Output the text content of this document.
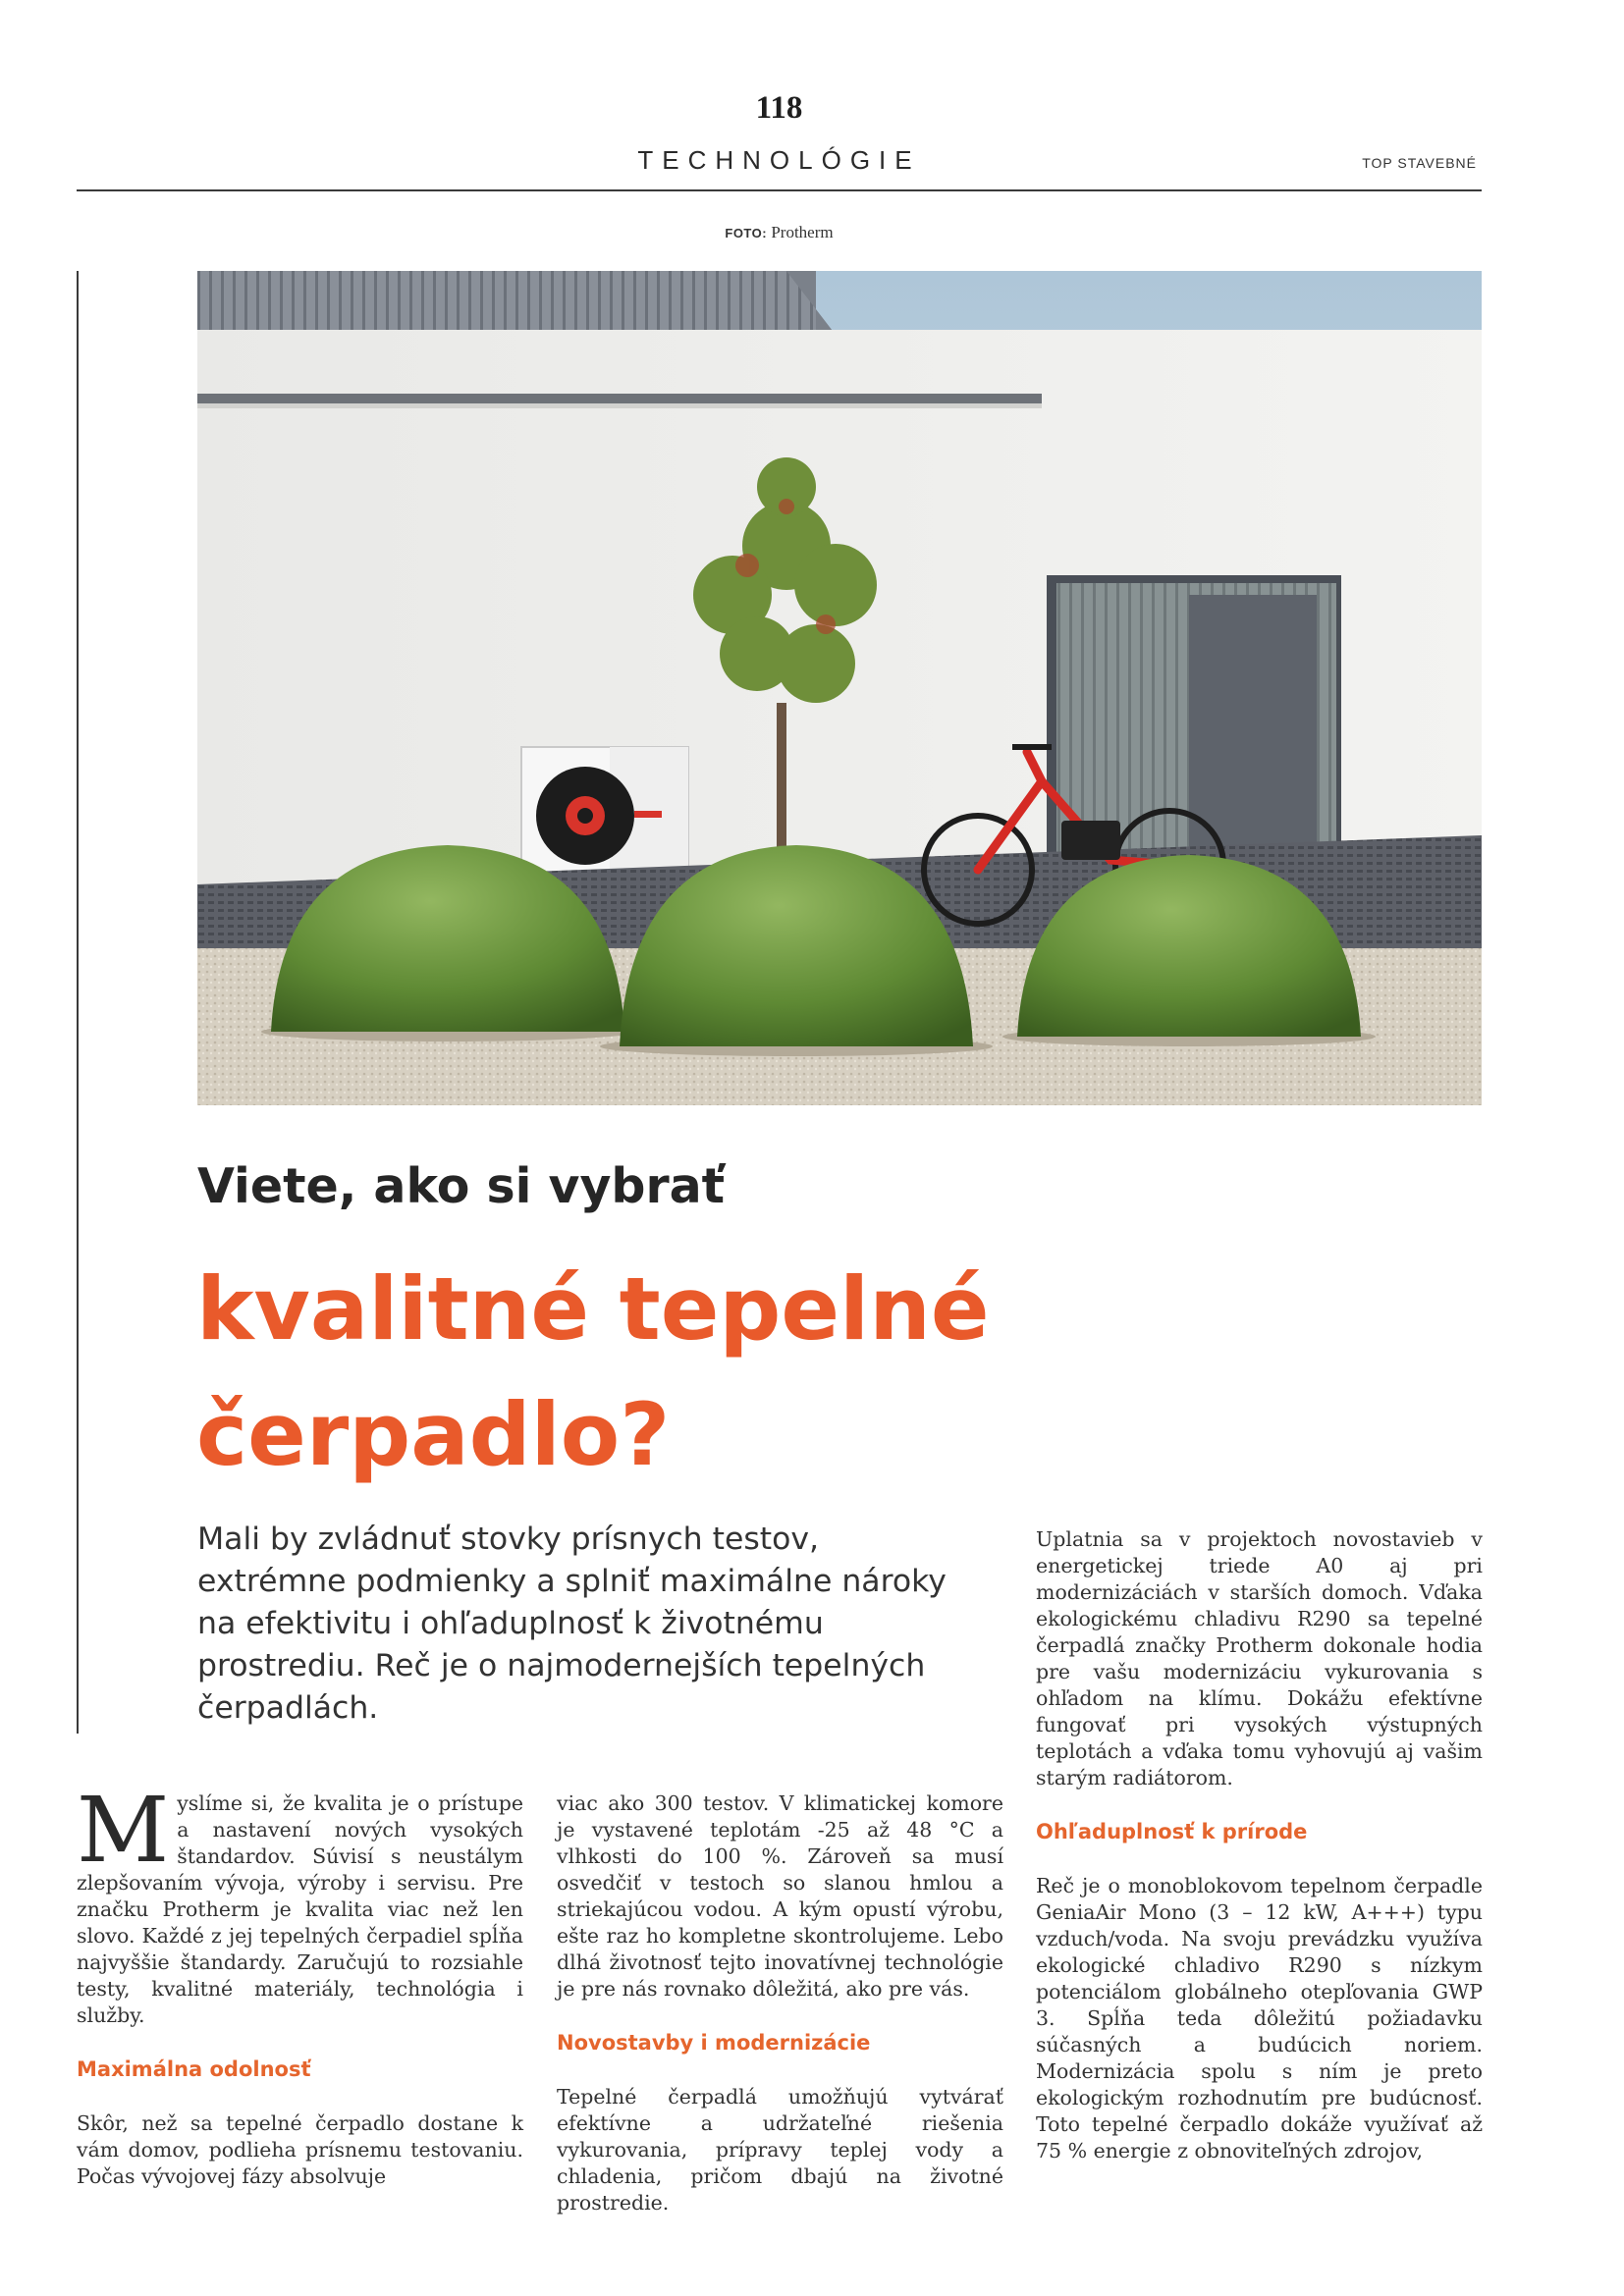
118
TECHNOLÓGIE	TOP STAVEBNÉ
FOTO: Protherm
Viete, ako si vybrať
kvalitné tepelné čerpadlo?
Mali by zvládnuť stovky prísnych testov, extrémne podmienky a splniť maximálne nároky na efektivitu i ohľaduplnosť k životnému prostrediu. Reč je o najmodernejších tepelných čerpadlách.

Myslíme si, že kvalita je o prístupe a nastavení nových vysokých štandardov. Súvisí s neustálym zlepšovaním vývoja, výroby i servisu. Pre značku Protherm je kvalita viac než len slovo. Každé z jej tepelných čerpadiel spĺňa najvyššie štandardy. Zaručujú to rozsiahle testy, kvalitné materiály, technológia i služby.

Maximálna odolnosť

Skôr, než sa tepelné čerpadlo dostane k vám domov, podlieha prísnemu testovaniu. Počas vývojovej fázy absolvuje

viac ako 300 testov. V klimatickej komore je vystavené teplotám -25 až 48 °C a vlhkosti do 100 %. Zároveň sa musí osvedčiť v testoch so slanou hmlou a striekajúcou vodou. A kým opustí výrobu, ešte raz ho kompletne skontrolujeme. Lebo dlhá životnosť tejto inovatívnej technológie je pre nás rovnako dôležitá, ako pre vás.

Novostavby i modernizácie

Tepelné čerpadlá umožňujú vytvárať efektívne a udržateľné riešenia vykurovania, prípravy teplej vody a chladenia, pričom dbajú na životné prostredie.

Uplatnia sa v projektoch novostavieb v energetickej triede A0 aj pri modernizáciách v starších domoch. Vďaka ekologickému chladivu R290 sa tepelné čerpadlá značky Protherm dokonale hodia pre vašu modernizáciu vykurovania s ohľadom na klímu. Dokážu efektívne fungovať pri vysokých výstupných teplotách a vďaka tomu vyhovujú aj vašim starým radiátorom.

Ohľaduplnosť k prírode

Reč je o monoblokovom tepelnom čerpadle GeniaAir Mono (3 – 12 kW, A+++) typu vzduch/voda. Na svoju prevádzku využíva ekologické chladivo R290 s nízkym potenciálom globálneho otepľovania GWP 3. Spĺňa teda dôležitú požiadavku súčasných a budúcich noriem. Modernizácia spolu s ním je preto ekologickým rozhodnutím pre budúcnosť. Toto tepelné čerpadlo dokáže využívať až 75 % energie z obnoviteľných zdrojov,
